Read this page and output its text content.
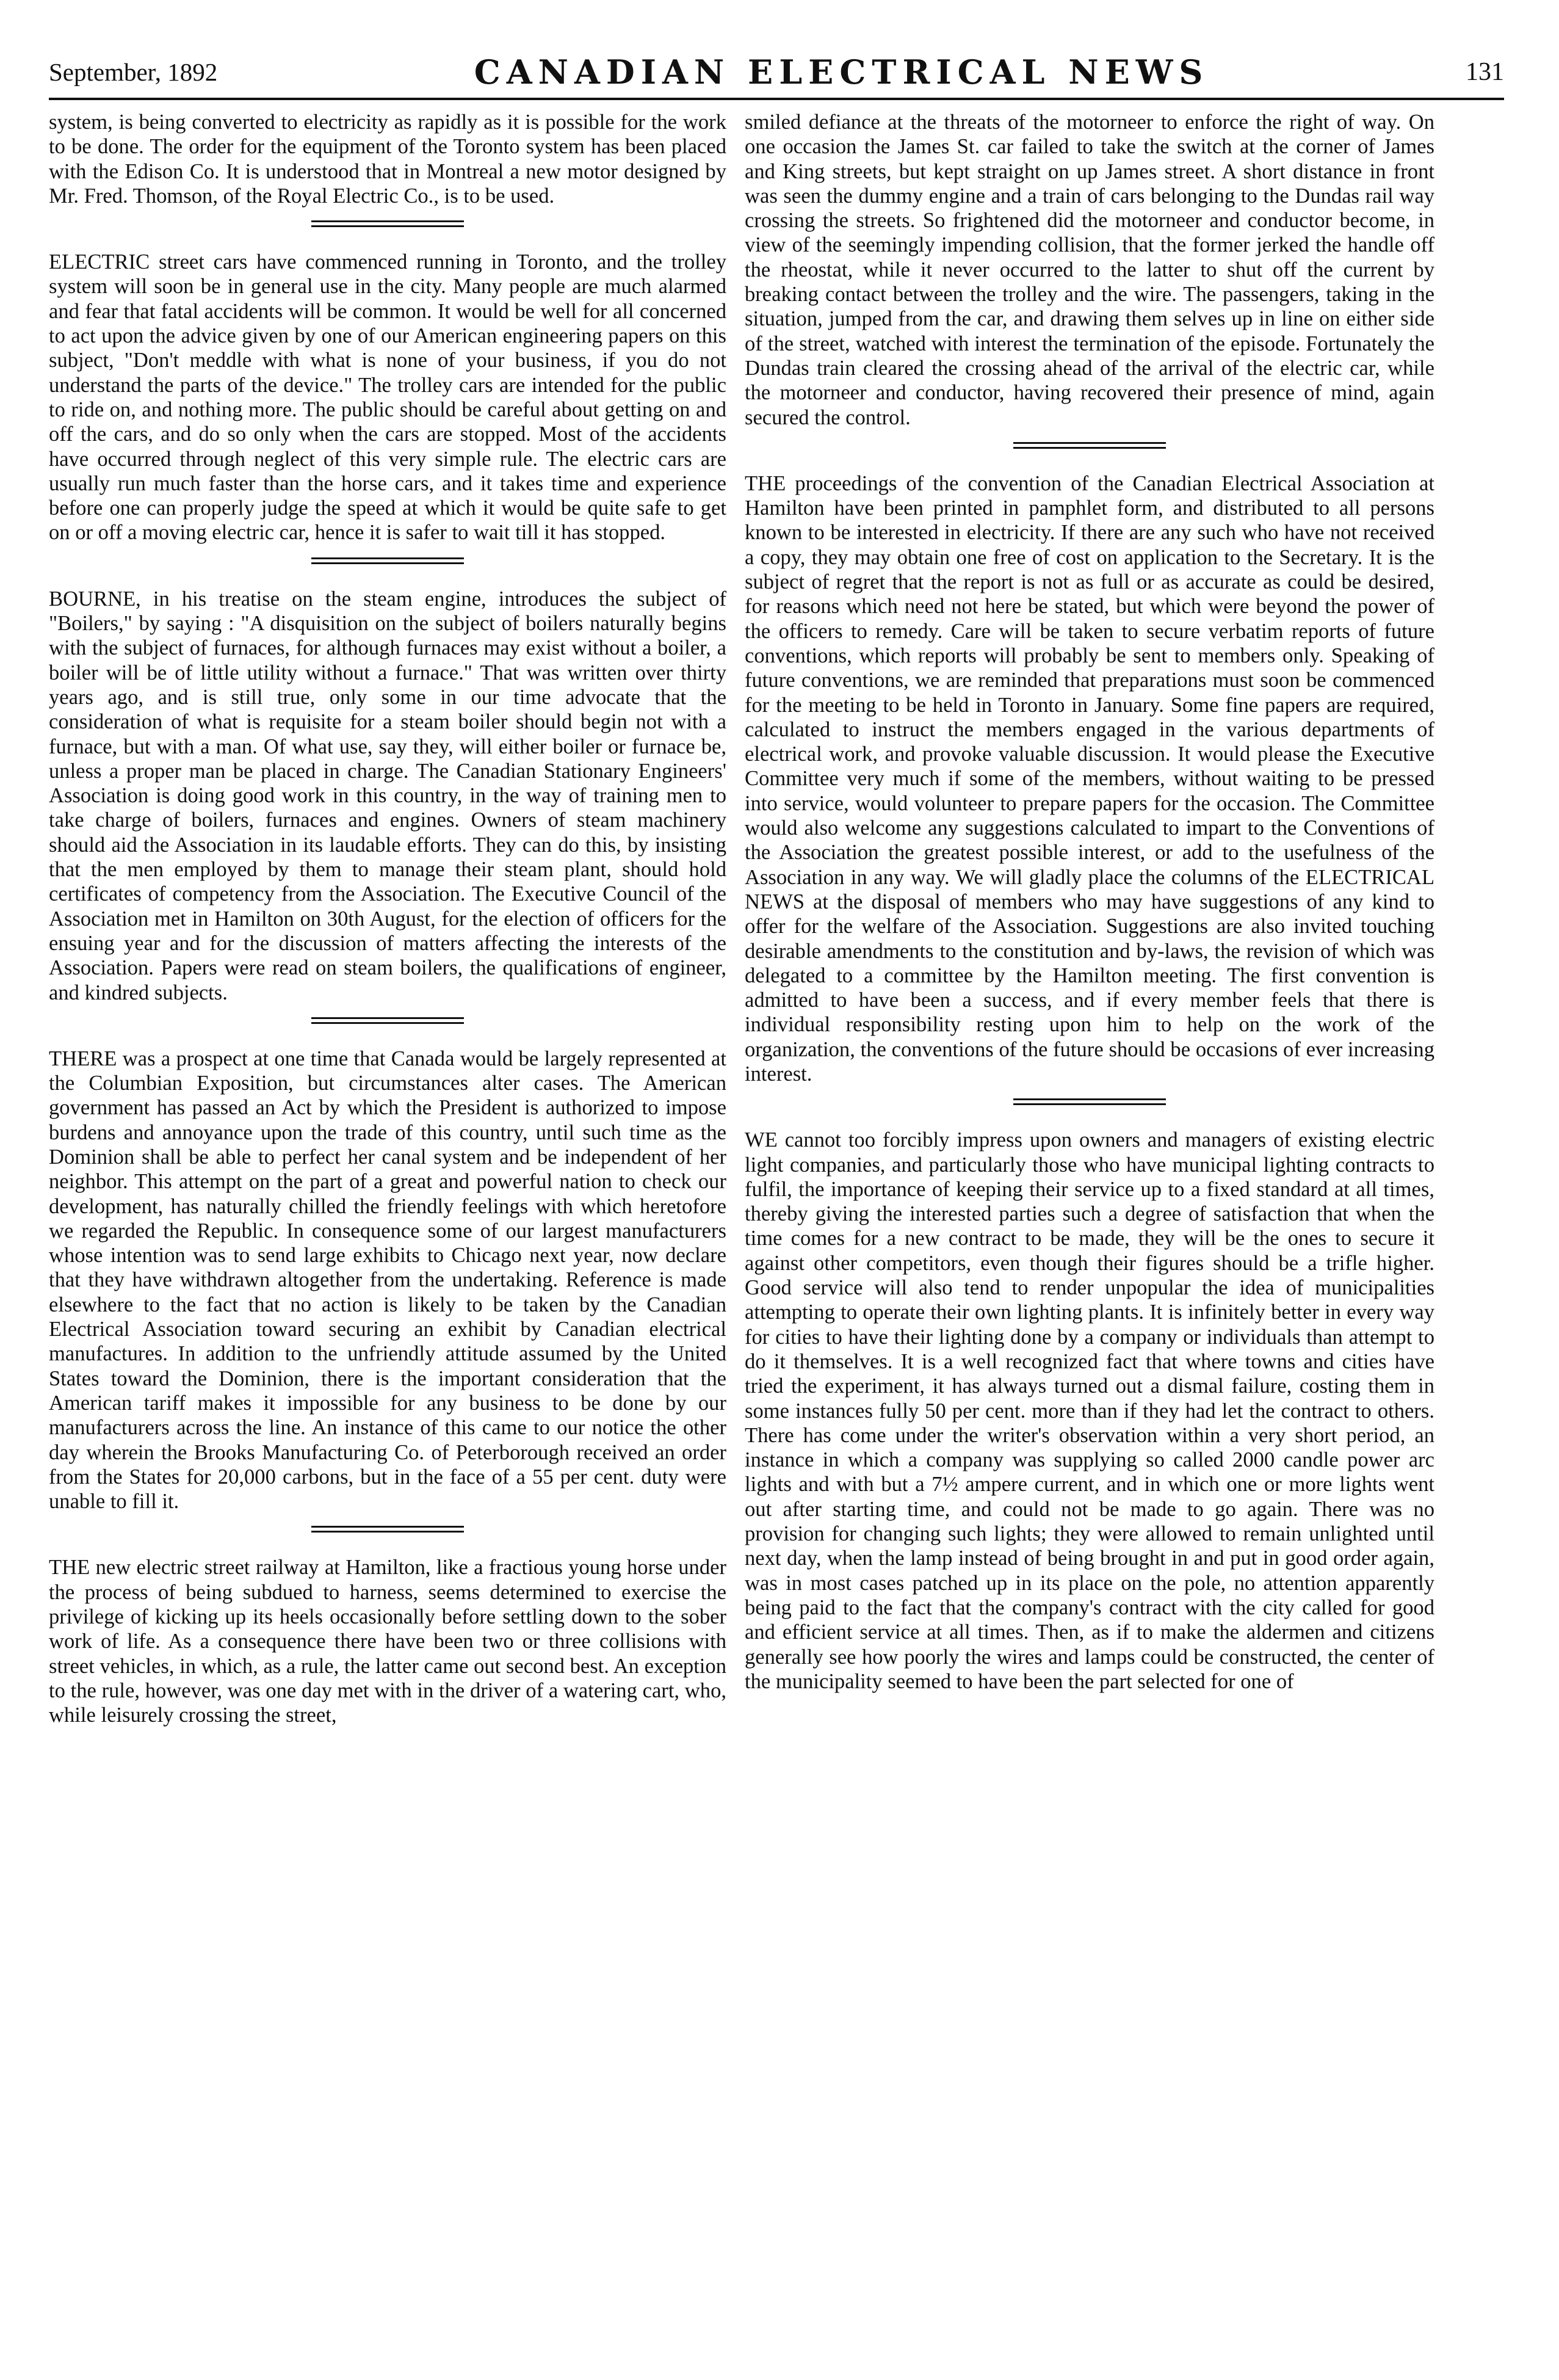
September, 1892	CANADIAN ELECTRICAL NEWS	131

system, is being converted to electricity as rapidly as it is possible for the work to be done. The order for the equipment of the Toronto system has been placed with the Edison Co. It is understood that in Montreal a new motor designed by Mr. Fred. Thomson, of the Royal Electric Co., is to be used.

ELECTRIC street cars have commenced running in Toronto, and the trolley system will soon be in general use in the city. Many people are much alarmed and fear that fatal accidents will be common. It would be well for all concerned to act upon the advice given by one of our American engineering papers on this subject, "Don't meddle with what is none of your business, if you do not understand the parts of the device." The trolley cars are intended for the public to ride on, and nothing more. The public should be careful about getting on and off the cars, and do so only when the cars are stopped. Most of the accidents have occurred through neglect of this very simple rule. The electric cars are usually run much faster than the horse cars, and it takes time and experience before one can properly judge the speed at which it would be quite safe to get on or off a moving electric car, hence it is safer to wait till it has stopped.

BOURNE, in his treatise on the steam engine, introduces the subject of "Boilers," by saying : "A disquisition on the subject of boilers naturally begins with the subject of furnaces, for although furnaces may exist without a boiler, a boiler will be of little utility without a furnace." That was written over thirty years ago, and is still true, only some in our time advocate that the consideration of what is requisite for a steam boiler should begin not with a furnace, but with a man. Of what use, say they, will either boiler or furnace be, unless a proper man be placed in charge. The Canadian Stationary Engineers' Association is doing good work in this country, in the way of training men to take charge of boilers, furnaces and engines. Owners of steam machinery should aid the Association in its laudable efforts. They can do this, by insisting that the men employed by them to manage their steam plant, should hold certificates of competency from the Association. The Executive Council of the Association met in Hamilton on 30th August, for the election of officers for the ensuing year and for the discussion of matters affecting the interests of the Association. Papers were read on steam boilers, the qualifications of engineer, and kindred subjects.

THERE was a prospect at one time that Canada would be largely represented at the Columbian Exposition, but circumstances alter cases. The American government has passed an Act by which the President is authorized to impose burdens and annoyance upon the trade of this country, until such time as the Dominion shall be able to perfect her canal system and be independent of her neighbor. This attempt on the part of a great and powerful nation to check our development, has naturally chilled the friendly feelings with which heretofore we regarded the Republic. In consequence some of our largest manufacturers whose intention was to send large exhibits to Chicago next year, now declare that they have withdrawn altogether from the undertaking. Reference is made elsewhere to the fact that no action is likely to be taken by the Canadian Electrical Association toward securing an exhibit by Canadian electrical manufactures. In addition to the unfriendly attitude assumed by the United States toward the Dominion, there is the important consideration that the American tariff makes it impossible for any business to be done by our manufacturers across the line. An instance of this came to our notice the other day wherein the Brooks Manufacturing Co. of Peterborough received an order from the States for 20,000 carbons, but in the face of a 55 per cent. duty were unable to fill it.

THE new electric street railway at Hamilton, like a fractious young horse under the process of being subdued to harness, seems determined to exercise the privilege of kicking up its heels occasionally before settling down to the sober work of life. As a consequence there have been two or three collisions with street vehicles, in which, as a rule, the latter came out second best. An exception to the rule, however, was one day met with in the driver of a watering cart, who, while leisurely crossing the street,

smiled defiance at the threats of the motorneer to enforce the right of way. On one occasion the James St. car failed to take the switch at the corner of James and King streets, but kept straight on up James street. A short distance in front was seen the dummy engine and a train of cars belonging to the Dundas rail way crossing the streets. So frightened did the motorneer and conductor become, in view of the seemingly impending collision, that the former jerked the handle off the rheostat, while it never occurred to the latter to shut off the current by breaking contact between the trolley and the wire. The passengers, taking in the situation, jumped from the car, and drawing them selves up in line on either side of the street, watched with interest the termination of the episode. Fortunately the Dundas train cleared the crossing ahead of the arrival of the electric car, while the motorneer and conductor, having recovered their presence of mind, again secured the control.

THE proceedings of the convention of the Canadian Electrical Association at Hamilton have been printed in pamphlet form, and distributed to all persons known to be interested in electricity. If there are any such who have not received a copy, they may obtain one free of cost on application to the Secretary. It is the subject of regret that the report is not as full or as accurate as could be desired, for reasons which need not here be stated, but which were beyond the power of the officers to remedy. Care will be taken to secure verbatim reports of future conventions, which reports will probably be sent to members only. Speaking of future conventions, we are reminded that preparations must soon be commenced for the meeting to be held in Toronto in January. Some fine papers are required, calculated to instruct the members engaged in the various departments of electrical work, and provoke valuable discussion. It would please the Executive Committee very much if some of the members, without waiting to be pressed into service, would volunteer to prepare papers for the occasion. The Committee would also welcome any suggestions calculated to impart to the Conventions of the Association the greatest possible interest, or add to the usefulness of the Association in any way. We will gladly place the columns of the ELECTRICAL NEWS at the disposal of members who may have suggestions of any kind to offer for the welfare of the Association. Suggestions are also invited touching desirable amendments to the constitution and by-laws, the revision of which was delegated to a committee by the Hamilton meeting. The first convention is admitted to have been a success, and if every member feels that there is individual responsibility resting upon him to help on the work of the organization, the conventions of the future should be occasions of ever increasing interest.

WE cannot too forcibly impress upon owners and managers of existing electric light companies, and particularly those who have municipal lighting contracts to fulfil, the importance of keeping their service up to a fixed standard at all times, thereby giving the interested parties such a degree of satisfaction that when the time comes for a new contract to be made, they will be the ones to secure it against other competitors, even though their figures should be a trifle higher. Good service will also tend to render unpopular the idea of municipalities attempting to operate their own lighting plants. It is infinitely better in every way for cities to have their lighting done by a company or individuals than attempt to do it themselves. It is a well recognized fact that where towns and cities have tried the experiment, it has always turned out a dismal failure, costing them in some instances fully 50 per cent. more than if they had let the contract to others. There has come under the writer's observation within a very short period, an instance in which a company was supplying so called 2000 candle power arc lights and with but a 7½ ampere current, and in which one or more lights went out after starting time, and could not be made to go again. There was no provision for changing such lights; they were allowed to remain unlighted until next day, when the lamp instead of being brought in and put in good order again, was in most cases patched up in its place on the pole, no attention apparently being paid to the fact that the company's contract with the city called for good and efficient service at all times. Then, as if to make the aldermen and citizens generally see how poorly the wires and lamps could be constructed, the center of the municipality seemed to have been the part selected for one of
